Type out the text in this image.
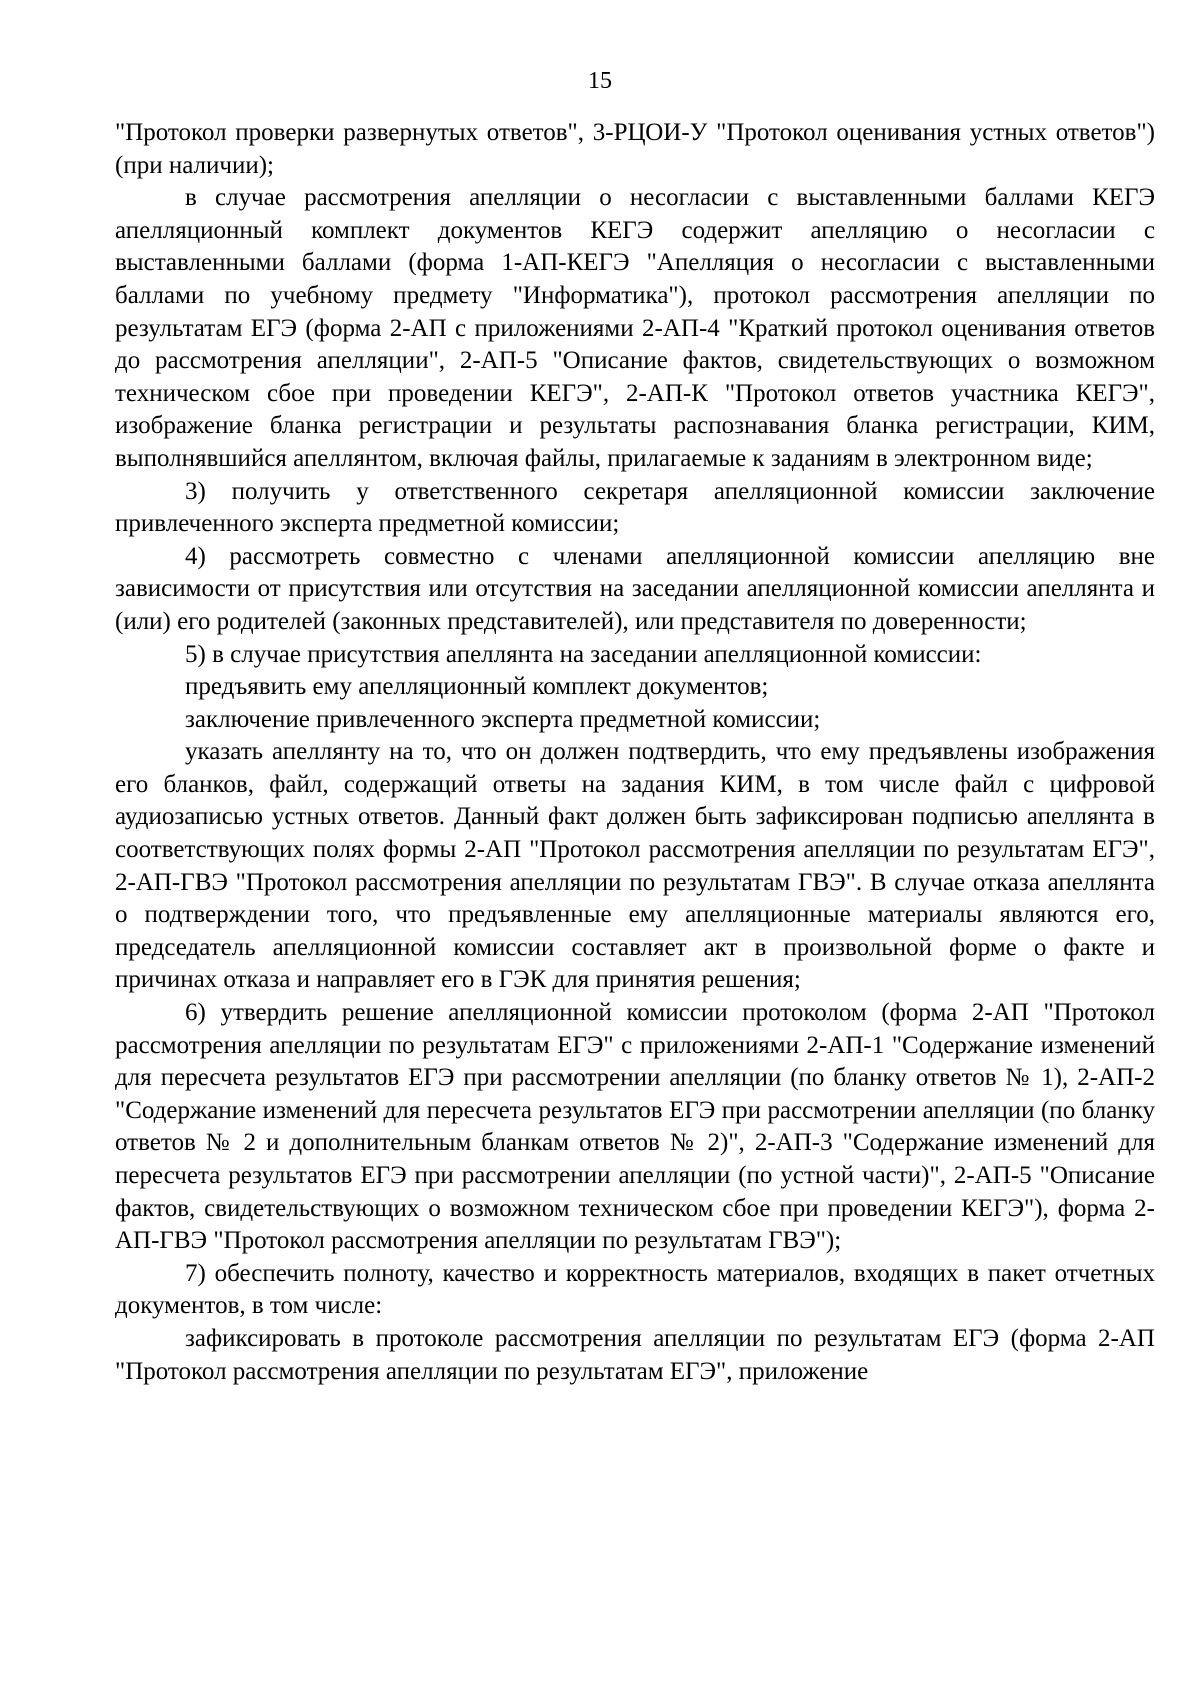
15

"Протокол проверки развернутых ответов", 3-РЦОИ-У "Протокол оценивания устных ответов") (при наличии);

в случае рассмотрения апелляции о несогласии с выставленными баллами КЕГЭ апелляционный комплект документов КЕГЭ содержит апелляцию о несогласии с выставленными баллами (форма 1-АП-КЕГЭ "Апелляция о несогласии с выставленными баллами по учебному предмету "Информатика"), протокол рассмотрения апелляции по результатам ЕГЭ (форма 2-АП с приложениями 2-АП-4 "Краткий протокол оценивания ответов до рассмотрения апелляции", 2-АП-5 "Описание фактов, свидетельствующих о возможном техническом сбое при проведении КЕГЭ", 2-АП-К "Протокол ответов участника КЕГЭ", изображение бланка регистрации и результаты распознавания бланка регистрации, КИМ, выполнявшийся апеллянтом, включая файлы, прилагаемые к заданиям в электронном виде;

3) получить у ответственного секретаря апелляционной комиссии заключение привлеченного эксперта предметной комиссии;

4) рассмотреть совместно с членами апелляционной комиссии апелляцию вне зависимости от присутствия или отсутствия на заседании апелляционной комиссии апеллянта и (или) его родителей (законных представителей), или представителя по доверенности;

5) в случае присутствия апеллянта на заседании апелляционной комиссии:

предъявить ему апелляционный комплект документов;

заключение привлеченного эксперта предметной комиссии;

указать апеллянту на то, что он должен подтвердить, что ему предъявлены изображения его бланков, файл, содержащий ответы на задания КИМ, в том числе файл с цифровой аудиозаписью устных ответов. Данный факт должен быть зафиксирован подписью апеллянта в соответствующих полях формы 2-АП "Протокол рассмотрения апелляции по результатам ЕГЭ", 2-АП-ГВЭ "Протокол рассмотрения апелляции по результатам ГВЭ". В случае отказа апеллянта о подтверждении того, что предъявленные ему апелляционные материалы являются его, председатель апелляционной комиссии составляет акт в произвольной форме о факте и причинах отказа и направляет его в ГЭК для принятия решения;

6) утвердить решение апелляционной комиссии протоколом (форма 2-АП "Протокол рассмотрения апелляции по результатам ЕГЭ" с приложениями 2-АП-1 "Содержание изменений для пересчета результатов ЕГЭ при рассмотрении апелляции (по бланку ответов № 1), 2-АП-2 "Содержание изменений для пересчета результатов ЕГЭ при рассмотрении апелляции (по бланку ответов № 2 и дополнительным бланкам ответов № 2)", 2-АП-3 "Содержание изменений для пересчета результатов ЕГЭ при рассмотрении апелляции (по устной части)", 2-АП-5 "Описание фактов, свидетельствующих о возможном техническом сбое при проведении КЕГЭ"), форма 2-АП-ГВЭ "Протокол рассмотрения апелляции по результатам ГВЭ");

7) обеспечить полноту, качество и корректность материалов, входящих в пакет отчетных документов, в том числе:

зафиксировать в протоколе рассмотрения апелляции по результатам ЕГЭ (форма 2-АП "Протокол рассмотрения апелляции по результатам ЕГЭ", приложение
